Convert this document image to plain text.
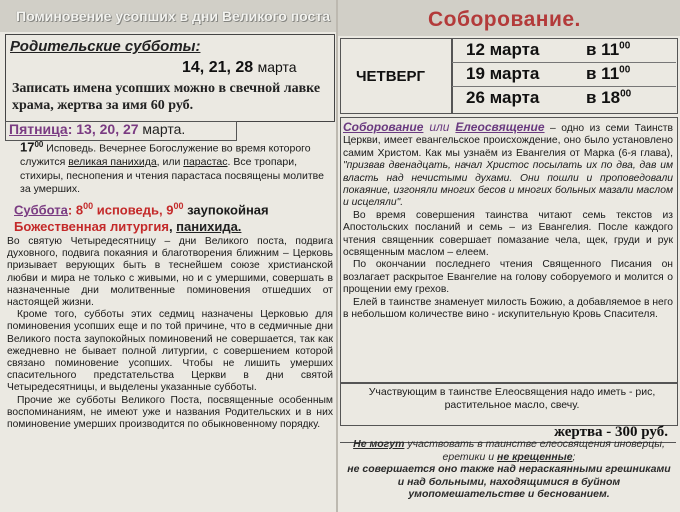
Поминовение усопших в дни Великого поста
Родительские субботы:
14, 21, 28 марта
Записать имена усопших можно в свечной лавке храма, жертва за имя 60 руб.
Пятница: 13, 20, 27 марта.
$17^{00}$ Исповедь. Вечернее Богослужение во время которого служится великая панихида, или парастас. Все тропари, стихиры, песнопения и чтения парастаса посвящены молитве за умерших.
Суббота: $8^{00}$ исповедь, $9^{00}$ заупокойная
Божественная литургия, панихида.

Во святую Четыредесятницу – дни Великого поста, подвига духовного, подвига покаяния и благотворения ближним – Церковь призывает верующих быть в теснейшем союзе христианской любви и мира не только с живыми, но и с умершими, совершать в назначенные дни молитвенные поминовения отшедших от настоящей жизни.

Кроме того, субботы этих седмиц назначены Церковью для поминовения усопших еще и по той причине, что в седмичные дни Великого поста заупокойных поминовений не совершается, так как ежедневно не бывает полной литургии, с совершением которой связано поминовение усопших. Чтобы не лишить умерших спасительного предстательства Церкви в дни святой Четыредесятницы, и выделены указанные субботы.

Прочие же субботы Великого Поста, посвященные особенным воспоминаниям, не имеют уже и названия Родительских и в них поминовение умерших производится по обыкновенному порядку.

Соборование.
ЧЕТВЕРГ
12 марта	в $11^{00}$
19 марта	в $11^{00}$
26 марта	в $18^{00}$

Соборование или Елеосвящение – одно из семи Таинств Церкви, имеет евангельское происхождение, оно было установлено самим Христом. Как мы узнаём из Евангелия от Марка (6-я глава), "призвав двенадцать, начал Христос посылать их по два, дав им власть над нечистыми духами. Они пошли и проповедовали покаяние, изгоняли многих бесов и многих больных мазали маслом и исцеляли".

Во время совершения таинства читают семь текстов из Апостольских посланий и семь – из Евангелия. После каждого чтения священник совершает помазание чела, щек, груди и рук освященным маслом – елеем.

По окончании последнего чтения Священного Писания он возлагает раскрытое Евангелие на голову соборуемого и молится о прощении ему грехов.

Елей в таинстве знаменует милость Божию, а добавляемое в него в небольшом количестве вино - искупительную Кровь Спасителя.

Участвующим в таинстве Елеосвящения надо иметь - рис, растительное масло, свечу.
жертва - 300 руб.
Не могут участвовать в таинстве елеосвящения иноверцы, еретики и не крещенные;
не совершается оно также над нераскаянными грешниками и над больными, находящимися в буйном умопомешательстве и беснованием.
